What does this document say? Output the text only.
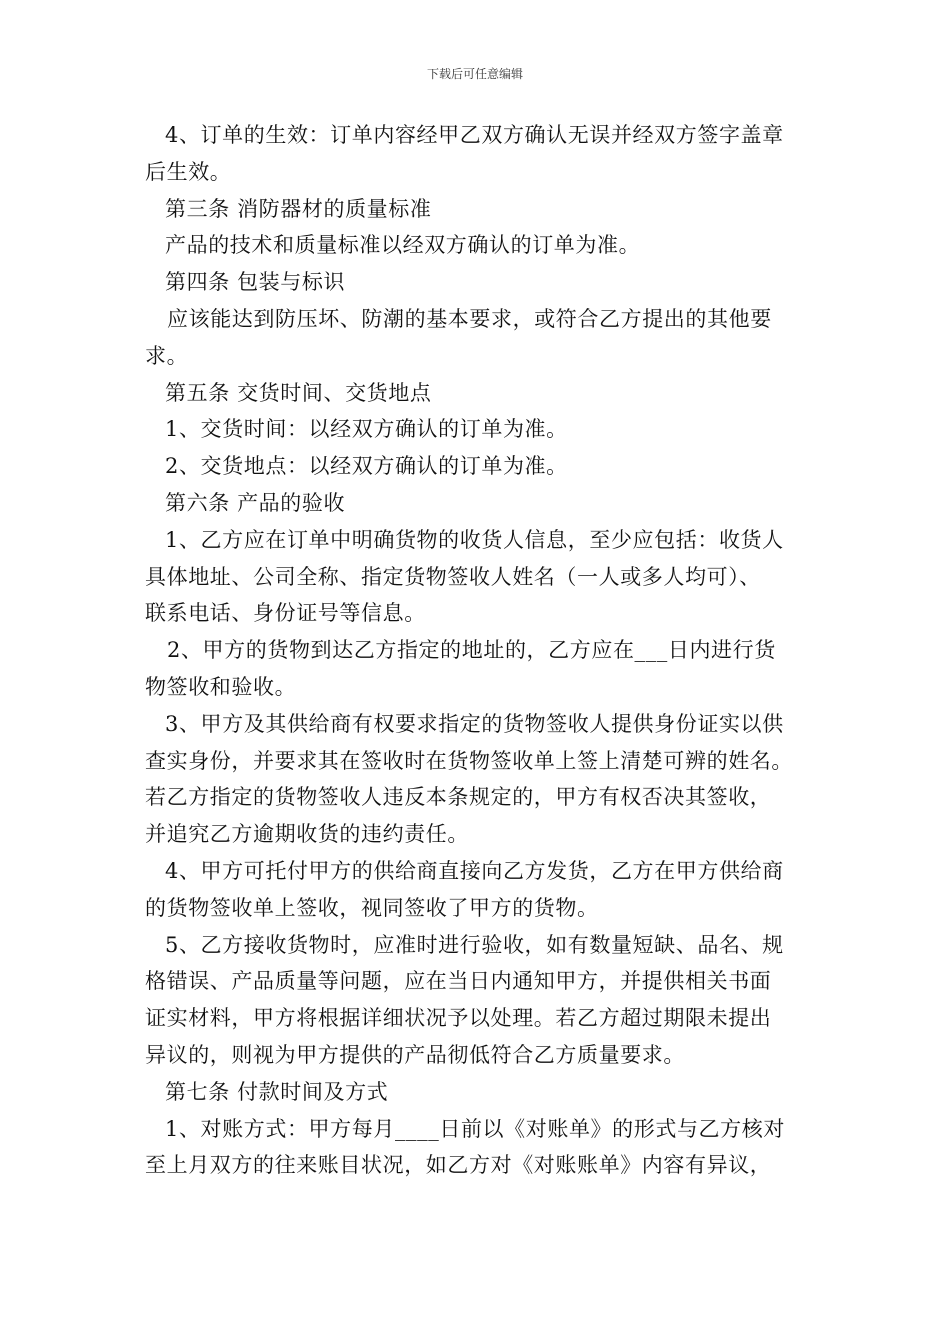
下载后可任意编辑
4、订单的生效：订单内容经甲乙双方确认无误并经双方签字盖章
后生效。
第三条 消防器材的质量标准
产品的技术和质量标准以经双方确认的订单为准。
第四条 包装与标识
应该能达到防压坏、防潮的基本要求，或符合乙方提出的其他要
求。
第五条 交货时间、交货地点
1、交货时间：以经双方确认的订单为准。
2、交货地点：以经双方确认的订单为准。
第六条 产品的验收
1、乙方应在订单中明确货物的收货人信息，至少应包括：收货人
具体地址、公司全称、指定货物签收人姓名（一人或多人均可）、
联系电话、身份证号等信息。
2、甲方的货物到达乙方指定的地址的，乙方应在___日内进行货
物签收和验收。
3、甲方及其供给商有权要求指定的货物签收人提供身份证实以供
查实身份，并要求其在签收时在货物签收单上签上清楚可辨的姓名。
若乙方指定的货物签收人违反本条规定的，甲方有权否决其签收，
并追究乙方逾期收货的违约责任。
4、甲方可托付甲方的供给商直接向乙方发货，乙方在甲方供给商
的货物签收单上签收，视同签收了甲方的货物。
5、乙方接收货物时，应准时进行验收，如有数量短缺、品名、规
格错误、产品质量等问题，应在当日内通知甲方，并提供相关书面
证实材料，甲方将根据详细状况予以处理。若乙方超过期限未提出
异议的，则视为甲方提供的产品彻低符合乙方质量要求。
第七条 付款时间及方式
1、对账方式：甲方每月____日前以《对账单》的形式与乙方核对
至上月双方的往来账目状况，如乙方对《对账账单》内容有异议，
